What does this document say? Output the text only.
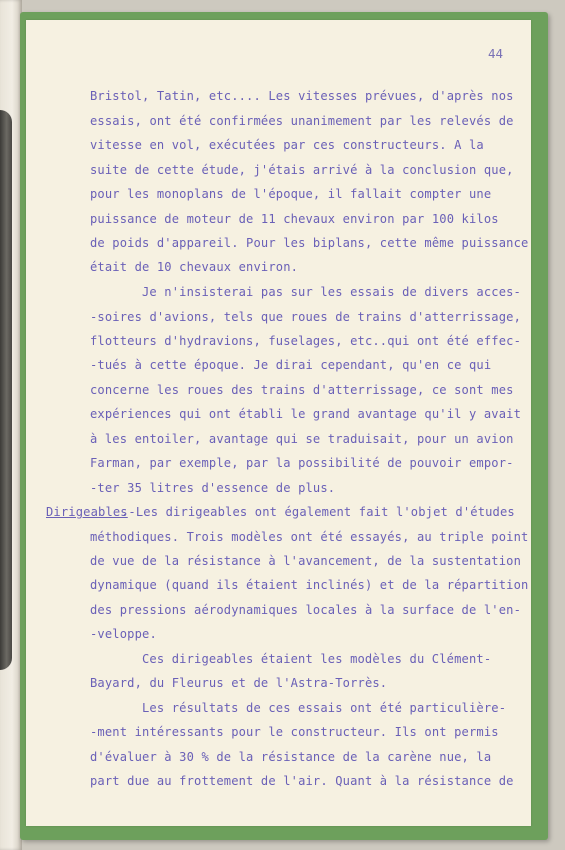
44
Bristol, Tatin, etc.... Les vitesses prévues, d'après nos
essais, ont été confirmées unanimement par les relevés de
vitesse en vol, exécutées par ces constructeurs. A la
suite de cette étude, j'étais arrivé à la conclusion que,
pour les monoplans de l'époque, il fallait compter une
puissance de moteur de 11 chevaux environ par 100 kilos
de poids d'appareil. Pour les biplans, cette même puissance
était de 10 chevaux environ.
Je n'insisterai pas sur les essais de divers acces-
-soires d'avions, tels que roues de trains d'atterrissage,
flotteurs d'hydravions, fuselages, etc..qui ont été effec-
-tués à cette époque. Je dirai cependant, qu'en ce qui
concerne les roues des trains d'atterrissage, ce sont mes
expériences qui ont établi le grand avantage qu'il y avait
à les entoiler, avantage qui se traduisait, pour un avion
Farman, par exemple, par la possibilité de pouvoir empor-
-ter 35 litres d'essence de plus.
Dirigeables
.-Les dirigeables ont également fait l'objet d'études
méthodiques. Trois modèles ont été essayés, au triple point
de vue de la résistance à l'avancement, de la sustentation
dynamique (quand ils étaient inclinés) et de la répartition
des pressions aérodynamiques locales à la surface de l'en-
-veloppe.
Ces dirigeables étaient les modèles du Clément-
Bayard, du Fleurus et de l'Astra-Torrès.
Les résultats de ces essais ont été particulière-
-ment intéressants pour le constructeur. Ils ont permis
d'évaluer à 30 % de la résistance de la carène nue, la
part due au frottement de l'air. Quant à la résistance de
